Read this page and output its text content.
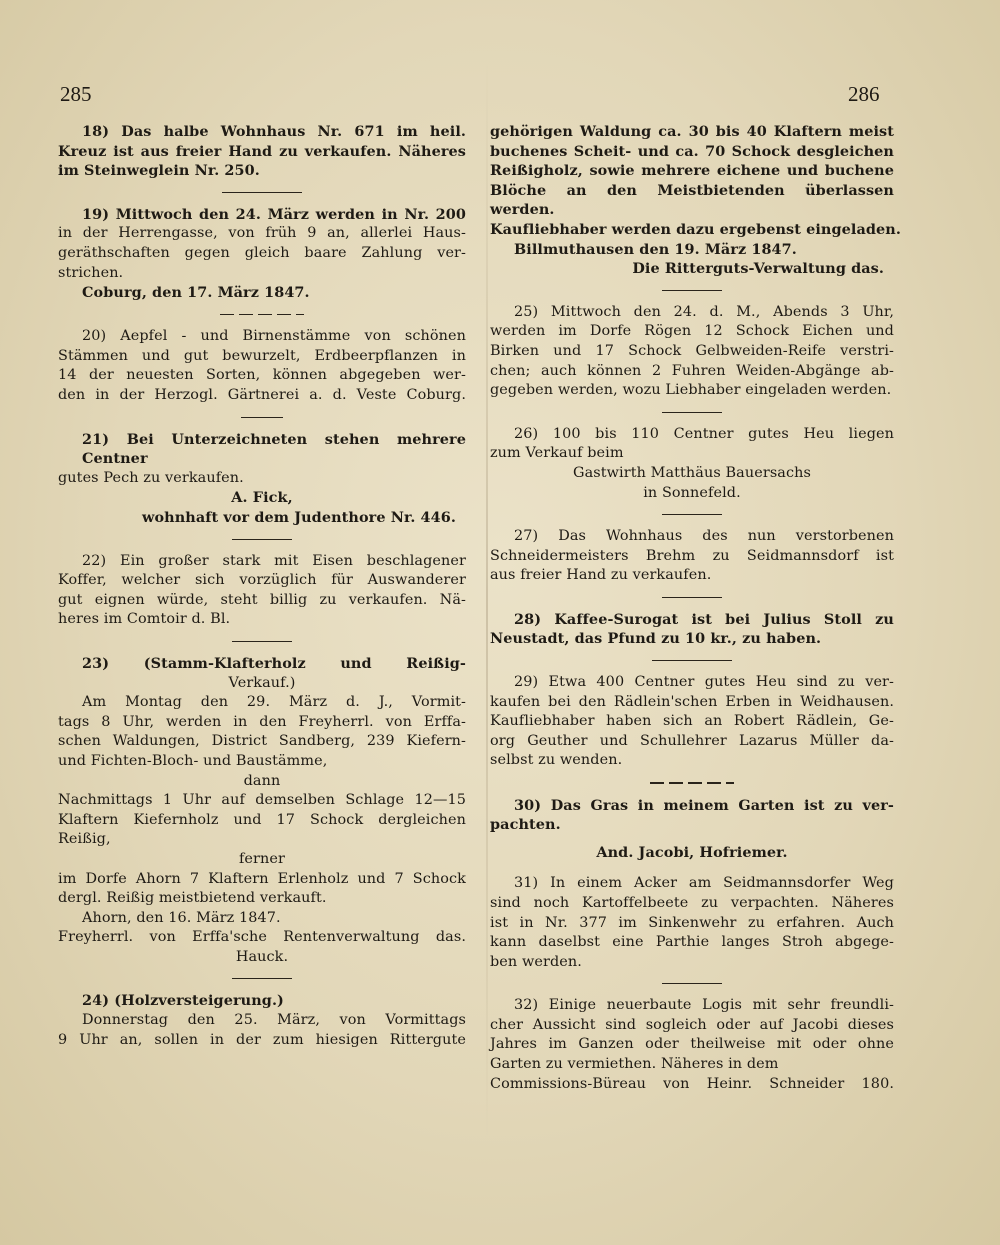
285	286
18) Das halbe Wohnhaus Nr. 671 im heil.
Kreuz ist aus freier Hand zu verkaufen. Näheres
im Steinweglein Nr. 250.
19) Mittwoch den 24. März werden in Nr. 200
in der Herrengasse, von früh 9 an, allerlei Haus-
geräthschaften gegen gleich baare Zahlung ver-
strichen.
Coburg, den 17. März 1847.
20) Aepfel - und Birnenstämme von schönen
Stämmen und gut bewurzelt, Erdbeerpflanzen in
14 der neuesten Sorten, können abgegeben wer-
den in der Herzogl. Gärtnerei a. d. Veste Coburg.
21) Bei Unterzeichneten stehen mehrere Centner
gutes Pech zu verkaufen.
A. Fick,
wohnhaft vor dem Judenthore Nr. 446.
22) Ein großer stark mit Eisen beschlagener
Koffer, welcher sich vorzüglich für Auswanderer
gut eignen würde, steht billig zu verkaufen. Nä-
heres im Comtoir d. Bl.
23) (Stamm-Klafterholz und Reißig-
Verkauf.)
Am Montag den 29. März d. J., Vormit-
tags 8 Uhr, werden in den Freyherrl. von Erffa-
schen Waldungen, District Sandberg, 239 Kiefern-
und Fichten-Bloch- und Baustämme,
dann
Nachmittags 1 Uhr auf demselben Schlage 12—15
Klaftern Kiefernholz und 17 Schock dergleichen
Reißig,
ferner
im Dorfe Ahorn 7 Klaftern Erlenholz und 7 Schock
dergl. Reißig meistbietend verkauft.
Ahorn, den 16. März 1847.
Freyherrl. von Erffa'sche Rentenverwaltung das.
Hauck.
24) (Holzversteigerung.)
Donnerstag den 25. März, von Vormittags
9 Uhr an, sollen in der zum hiesigen Rittergute
gehörigen Waldung ca. 30 bis 40 Klaftern meist
buchenes Scheit- und ca. 70 Schock desgleichen
Reißigholz, sowie mehrere eichene und buchene
Blöche an den Meistbietenden überlassen werden.
Kaufliebhaber werden dazu ergebenst eingeladen.
Billmuthausen den 19. März 1847.
Die Ritterguts-Verwaltung das.
25) Mittwoch den 24. d. M., Abends 3 Uhr,
werden im Dorfe Rögen 12 Schock Eichen und
Birken und 17 Schock Gelbweiden-Reife verstri-
chen; auch können 2 Fuhren Weiden-Abgänge ab-
gegeben werden, wozu Liebhaber eingeladen werden.
26) 100 bis 110 Centner gutes Heu liegen
zum Verkauf beim
Gastwirth Matthäus Bauersachs
in Sonnefeld.
27) Das Wohnhaus des nun verstorbenen
Schneidermeisters Brehm zu Seidmannsdorf ist
aus freier Hand zu verkaufen.
28) Kaffee-Surogat ist bei Julius Stoll zu
Neustadt, das Pfund zu 10 kr., zu haben.
29) Etwa 400 Centner gutes Heu sind zu ver-
kaufen bei den Rädlein'schen Erben in Weidhausen.
Kaufliebhaber haben sich an Robert Rädlein, Ge-
org Geuther und Schullehrer Lazarus Müller da-
selbst zu wenden.
30) Das Gras in meinem Garten ist zu ver-
pachten.
And. Jacobi, Hofriemer.
31) In einem Acker am Seidmannsdorfer Weg
sind noch Kartoffelbeete zu verpachten. Näheres
ist in Nr. 377 im Sinkenwehr zu erfahren. Auch
kann daselbst eine Parthie langes Stroh abgege-
ben werden.
32) Einige neuerbaute Logis mit sehr freundli-
cher Aussicht sind sogleich oder auf Jacobi dieses
Jahres im Ganzen oder theilweise mit oder ohne
Garten zu vermiethen. Näheres in dem
Commissions-Büreau von Heinr. Schneider 180.
